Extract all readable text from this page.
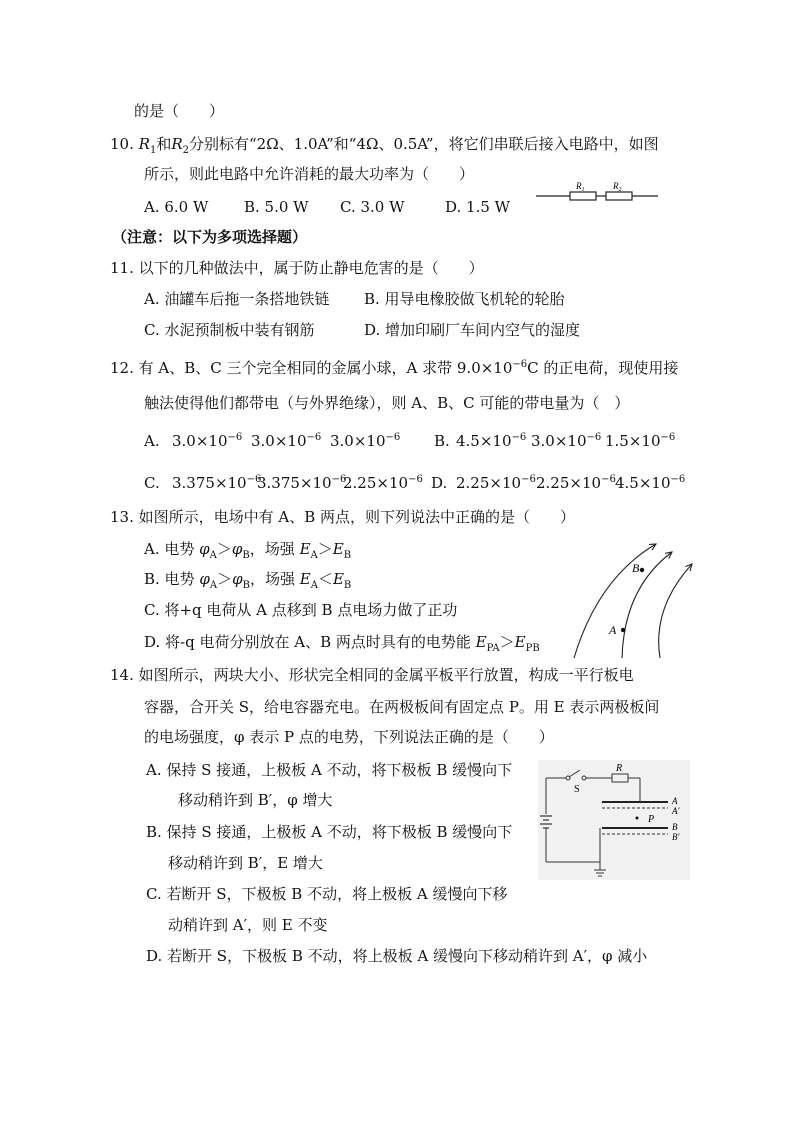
的是（　　）
10. $R_1$和$R_2$分别标有“2Ω、1.0A”和“4Ω、0.5A”，将它们串联后接入电路中，如图
所示，则此电路中允许消耗的最大功率为（　　）
A. 6.0 W B. 5.0 W C. 3.0 W	D. 1.5 W
$R_1$	$R_2$
（注意：以下为多项选择题）
11. 以下的几种做法中，属于防止静电危害的是（　　）
A. 油罐车后拖一条搭地铁链 B. 用导电橡胶做飞机轮的轮胎
C. 水泥预制板中装有钢筋	D. 增加印刷厂车间内空气的湿度
12. 有 A、B、C 三个完全相同的金属小球，A 求带 $9.0\times 10^{-6}C$ 的正电荷，现使用接
触法使得他们都带电（与外界绝缘），则 A、B、C 可能的带电量为（　）
A. $3.0\times 10^{-6}$ $3.0\times 10^{-6}$ $3.0\times 10^{-6}$ B. $4.5\times 10^{-6}$ $3.0\times 10^{-6}$ $1.5\times 10^{-6}$
C. $3.375\times 10^{-6}$
$3.375\times 10^{-6}$
$2.25\times 10^{-6}$ D. $2.25\times 10^{-6}$ $2.25\times 10^{-6}$ $4.5\times 10^{-6}$
13. 如图所示，电场中有 A、B 两点，则下列说法中正确的是（　　）
A. 电势 $\varphi_A>\varphi_B$，场强 $E_A>E_B$
B. 电势 $\varphi_A>\varphi_B$，场强 $E_A<E_B$
C. 将+q 电荷从 A 点移到 B 点电场力做了正功
D. 将-q 电荷分别放在 A、B 两点时具有的电势能 $E_{PA}>E_{PB}$
A
B
14. 如图所示，两块大小、形状完全相同的金属平板平行放置，构成一平行板电
容器，合开关 S，给电容器充电。在两极板间有固定点 P。用 E 表示两极板间
的电场强度，φ 表示 P 点的电势，下列说法正确的是（　　）
A. 保持 S 接通，上极板 A 不动，将下极板 B 缓慢向下
移动稍许到 B′，φ 增大
B. 保持 S 接通，上极板 A 不动，将下极板 B 缓慢向下
移动稍许到 B′，E 增大
C. 若断开 S，下极板 B 不动，将上极板 A 缓慢向下移
动稍许到 A′，则 E 不变
D. 若断开 S，下极板 B 不动，将上极板 A 缓慢向下移动稍许到 A′，φ 减小
S
R
P
A
A′
B
B′
